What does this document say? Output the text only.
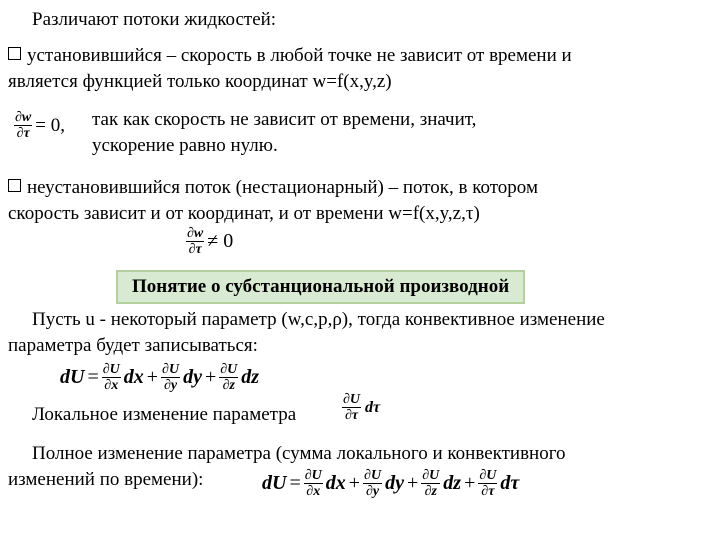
Различают потоки жидкостей:
установившийся – скорость в любой точке не зависит от времени и
является функцией только координат w=f(x,y,z)
$\frac{\partial w}{\partial\tau} = 0$, так как скорость не зависит от времени, значит,
ускорение равно нулю.
неустановившийся поток (нестационарный) – поток, в котором
скорость зависит и от координат, и от времени w=f(x,y,z,τ)
$\frac{\partial w}{\partial\tau} \ne 0$
Понятие о субстанциональной производной
Пусть u - некоторый параметр (w,c,p,ρ), тогда конвективное изменение
параметра будет записываться:
dU = $\frac{\partial U}{\partial x}$ dx + $\frac{\partial U}{\partial y}$ dy + $\frac{\partial U}{\partial z}$ dz
Локальное изменение параметра	$\frac{\partial U}{\partial\tau}$ dτ
Полное изменение параметра (сумма локального и конвективного
изменений по времени):	dU = $\frac{\partial U}{\partial x}$ dx + $\frac{\partial U}{\partial y}$ dy + $\frac{\partial U}{\partial z}$ dz + $\frac{\partial U}{\partial\tau}$ dτ
